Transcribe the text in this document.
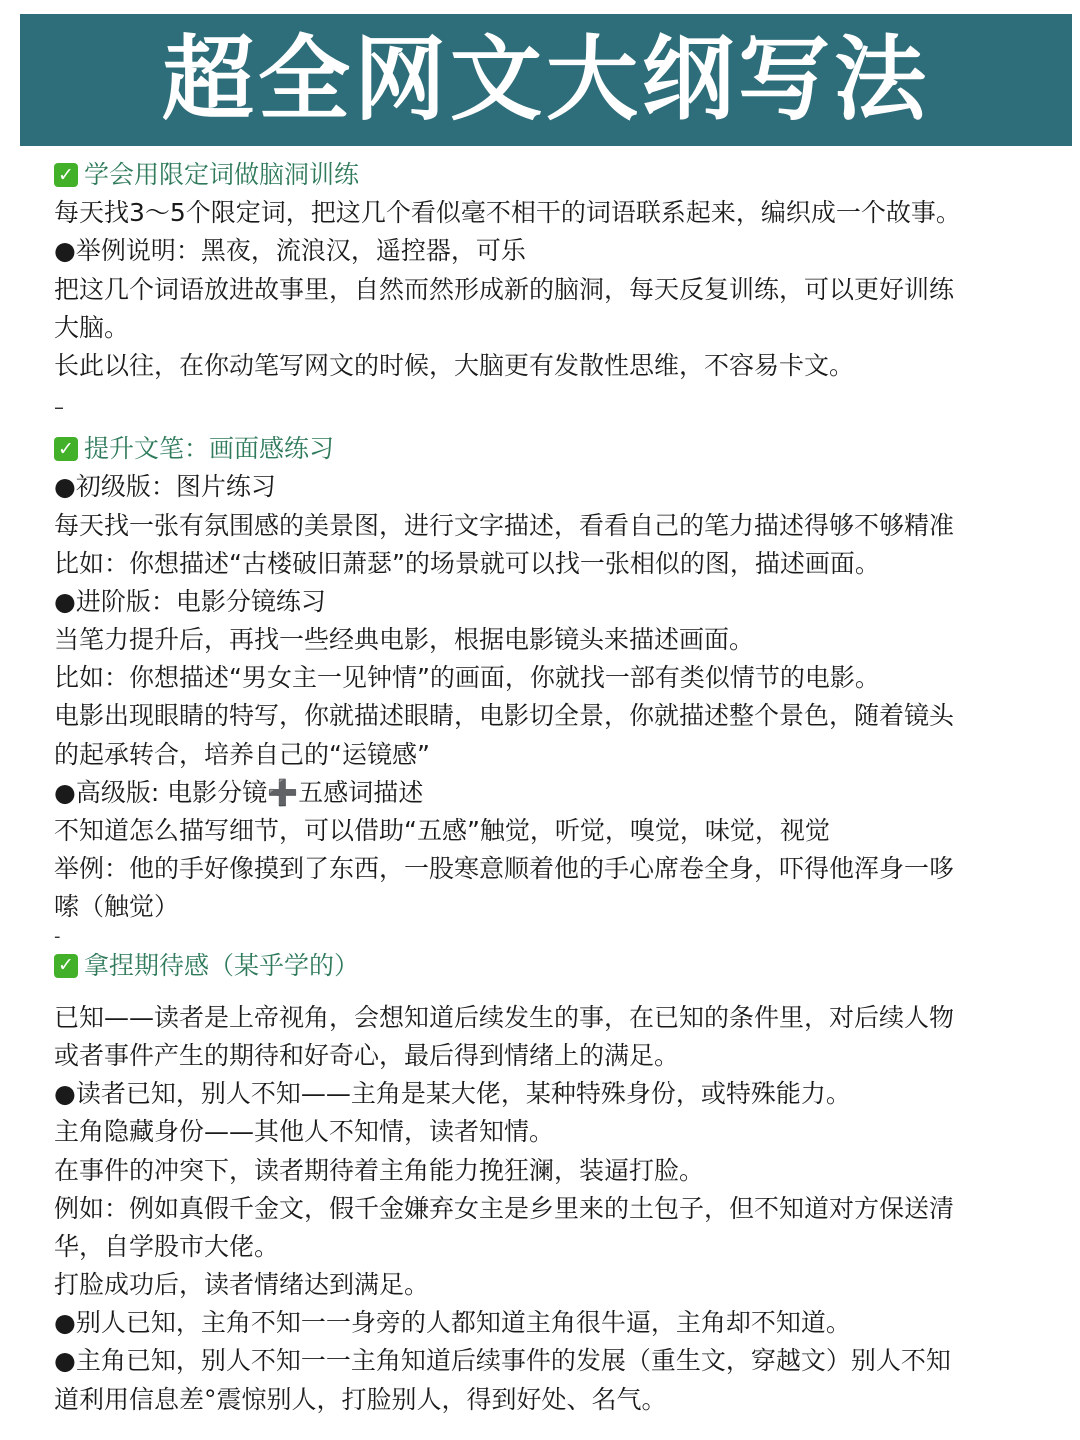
超全网文大纲写法
✓ 学会用限定词做脑洞训练
每天找3～5个限定词，把这几个看似毫不相干的词语联系起来，编织成一个故事。
●举例说明：黑夜，流浪汉，遥控器，可乐
把这几个词语放进故事里，自然而然形成新的脑洞，每天反复训练，可以更好训练
大脑。
长此以往，在你动笔写网文的时候，大脑更有发散性思维，不容易卡文。
–
✓ 提升文笔：画面感练习
●初级版：图片练习
每天找一张有氛围感的美景图，进行文字描述，看看自己的笔力描述得够不够精准
比如：你想描述“古楼破旧萧瑟”的场景就可以找一张相似的图，描述画面。
●进阶版：电影分镜练习
当笔力提升后，再找一些经典电影，根据电影镜头来描述画面。
比如：你想描述“男女主一见钟情”的画面，你就找一部有类似情节的电影。
电影出现眼睛的特写，你就描述眼睛，电影切全景，你就描述整个景色，随着镜头
的起承转合，培养自己的“运镜感”
●高级版: 电影分镜➕五感词描述
不知道怎么描写细节，可以借助“五感”触觉，听觉，嗅觉，味觉，视觉
举例：他的手好像摸到了东西，一股寒意顺着他的手心席卷全身，吓得他浑身一哆
嗦（触觉）
-
✓ 拿捏期待感（某乎学的）
已知——读者是上帝视角，会想知道后续发生的事，在已知的条件里，对后续人物
或者事件产生的期待和好奇心，最后得到情绪上的满足。
●读者已知，别人不知——主角是某大佬，某种特殊身份，或特殊能力。
主角隐藏身份——其他人不知情，读者知情。
在事件的冲突下，读者期待着主角能力挽狂澜，装逼打脸。
例如：例如真假千金文，假千金嫌弃女主是乡里来的土包子，但不知道对方保送清
华，自学股市大佬。
打脸成功后，读者情绪达到满足。
●别人已知，主角不知一一身旁的人都知道主角很牛逼，主角却不知道。
●主角已知，别人不知一一主角知道后续事件的发展（重生文，穿越文）别人不知
道利用信息差°震惊别人，打脸别人，得到好处、名气。
